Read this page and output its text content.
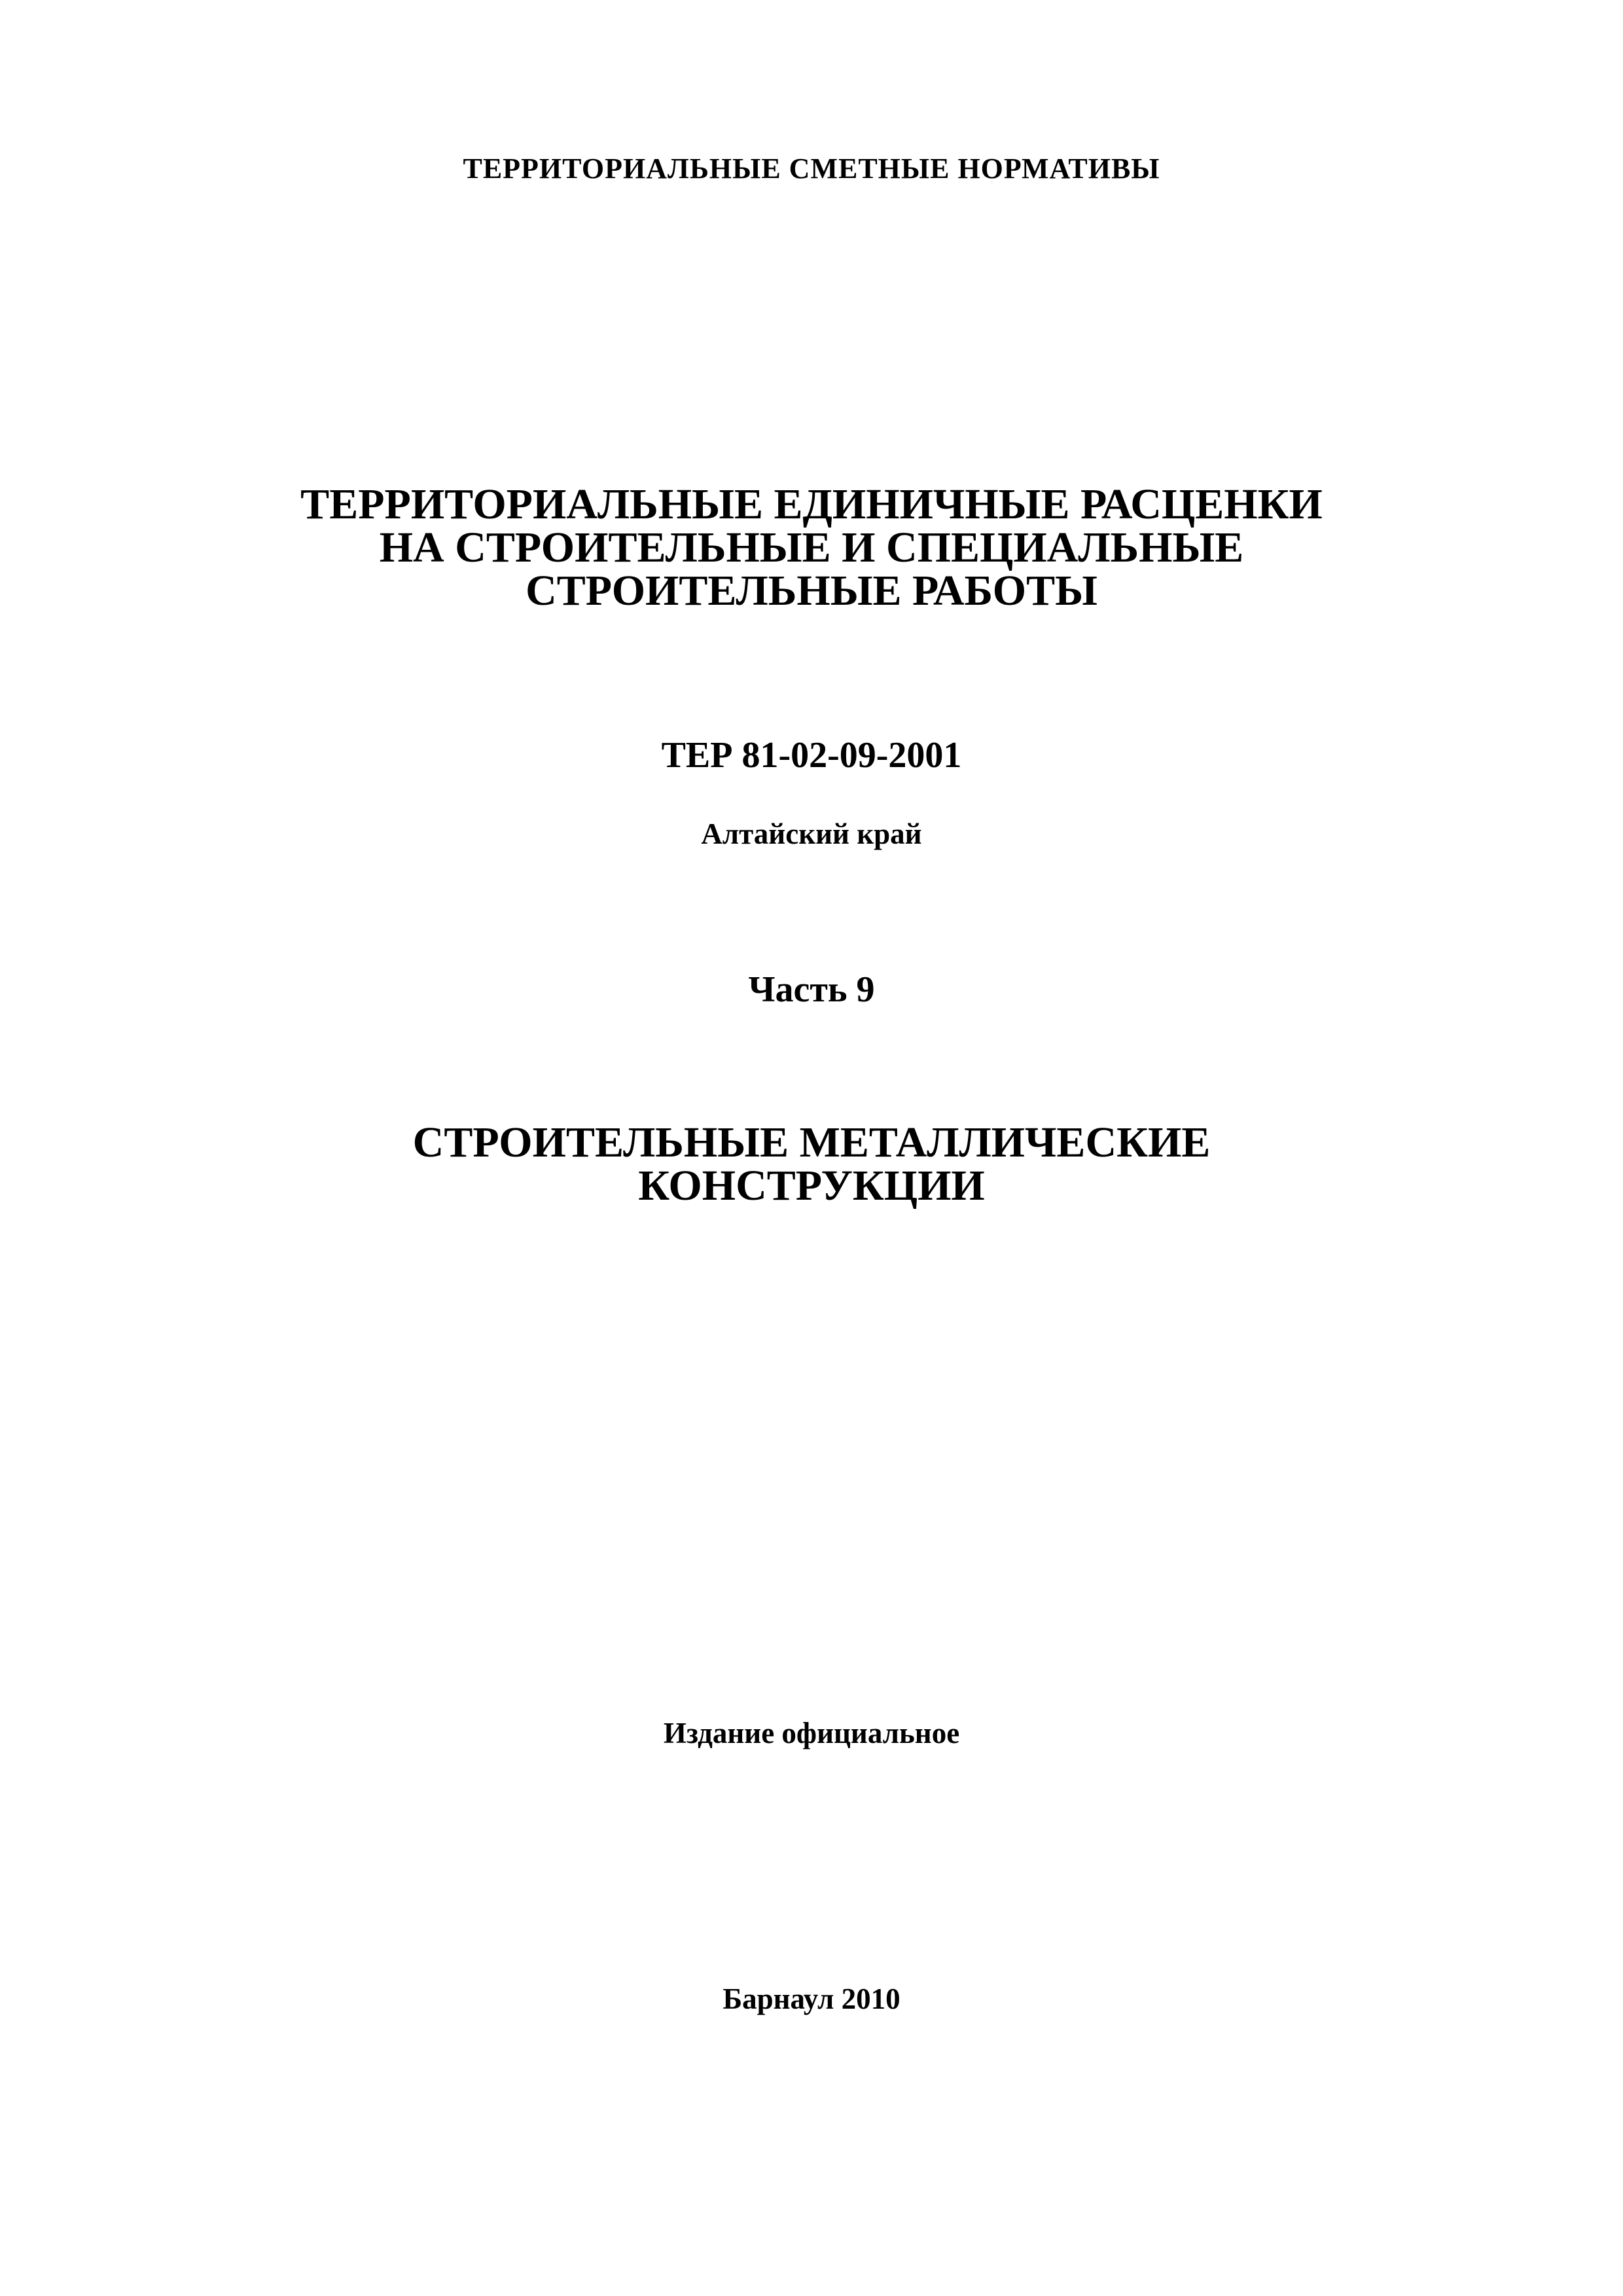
ТЕРРИТОРИАЛЬНЫЕ СМЕТНЫЕ НОРМАТИВЫ
ТЕРРИТОРИАЛЬНЫЕ ЕДИНИЧНЫЕ РАСЦЕНКИ
НА СТРОИТЕЛЬНЫЕ И СПЕЦИАЛЬНЫЕ
СТРОИТЕЛЬНЫЕ РАБОТЫ
ТЕР 81-02-09-2001
Алтайский край
Часть 9
СТРОИТЕЛЬНЫЕ МЕТАЛЛИЧЕСКИЕ
КОНСТРУКЦИИ
Издание официальное
Барнаул 2010
